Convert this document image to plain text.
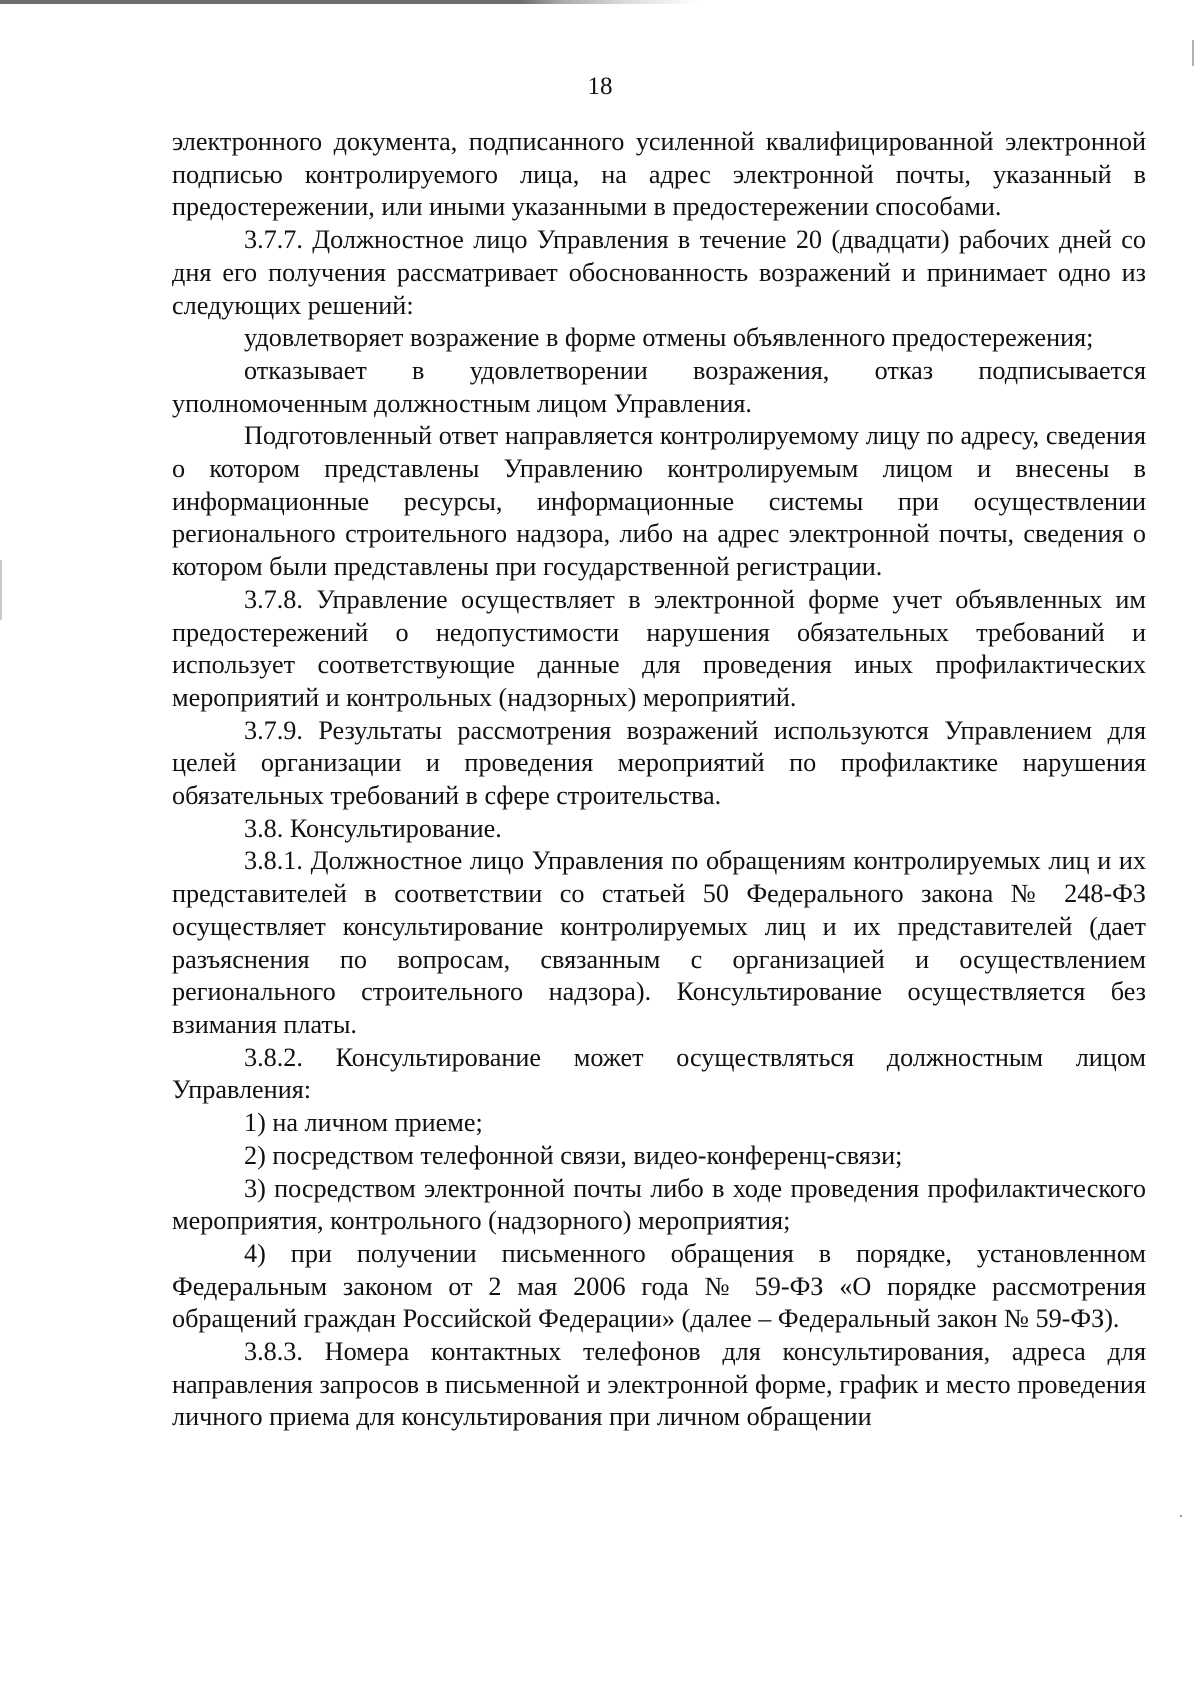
18

электронного документа, подписанного усиленной квалифицированной электронной подписью контролируемого лица, на адрес электронной почты, указанный в предостережении, или иными указанными в предостережении способами.

3.7.7. Должностное лицо Управления в течение 20 (двадцати) рабочих дней со дня его получения рассматривает обоснованность возражений и принимает одно из следующих решений:

удовлетворяет возражение в форме отмены объявленного предостережения;

отказывает в удовлетворении возражения, отказ подписывается уполномоченным должностным лицом Управления.

Подготовленный ответ направляется контролируемому лицу по адресу, сведения о котором представлены Управлению контролируемым лицом и внесены в информационные ресурсы, информационные системы при осуществлении регионального строительного надзора, либо на адрес электронной почты, сведения о котором были представлены при государственной регистрации.

3.7.8. Управление осуществляет в электронной форме учет объявленных им предостережений о недопустимости нарушения обязательных требований и использует соответствующие данные для проведения иных профилактических мероприятий и контрольных (надзорных) мероприятий.

3.7.9. Результаты рассмотрения возражений используются Управлением для целей организации и проведения мероприятий по профилактике нарушения обязательных требований в сфере строительства.

3.8. Консультирование.

3.8.1. Должностное лицо Управления по обращениям контролируемых лиц и их представителей в соответствии со статьей 50 Федерального закона № 248-ФЗ осуществляет консультирование контролируемых лиц и их представителей (дает разъяснения по вопросам, связанным с организацией и осуществлением регионального строительного надзора). Консультирование осуществляется без взимания платы.

3.8.2. Консультирование может осуществляться должностным лицом Управления:

1) на личном приеме;

2) посредством телефонной связи, видео-конференц-связи;

3) посредством электронной почты либо в ходе проведения профилактического мероприятия, контрольного (надзорного) мероприятия;

4) при получении письменного обращения в порядке, установленном Федеральным законом от 2 мая 2006 года № 59-ФЗ «О порядке рассмотрения обращений граждан Российской Федерации» (далее – Федеральный закон № 59-ФЗ).

3.8.3. Номера контактных телефонов для консультирования, адреса для направления запросов в письменной и электронной форме, график и место проведения личного приема для консультирования при личном обращении
